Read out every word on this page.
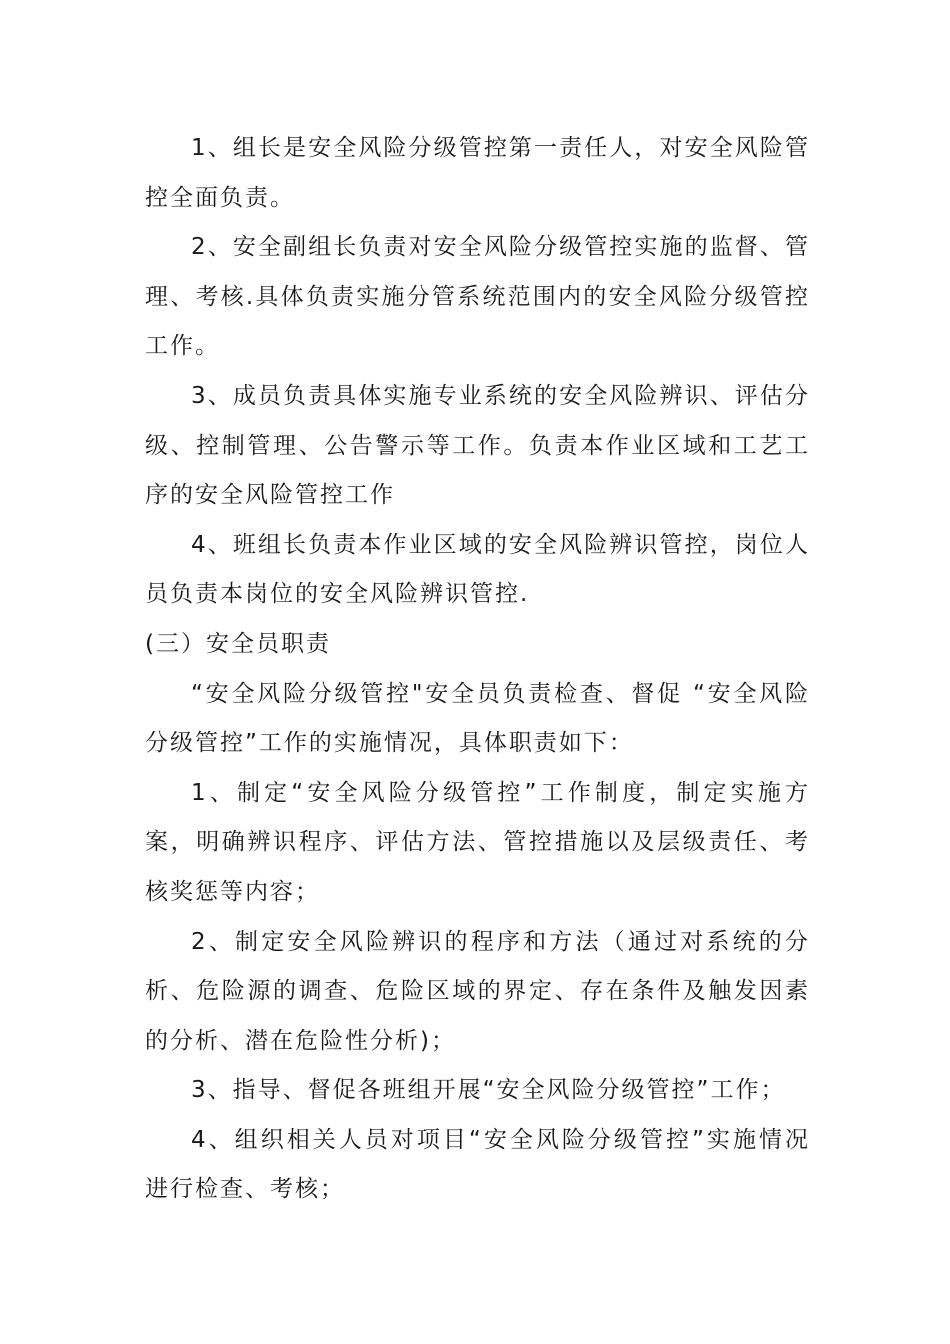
1、组长是安全风险分级管控第一责任人，对安全风险管控全面负责。

2、安全副组长负责对安全风险分级管控实施的监督、管理、考核.具体负责实施分管系统范围内的安全风险分级管控工作。

3、成员负责具体实施专业系统的安全风险辨识、评估分级、控制管理、公告警示等工作。负责本作业区域和工艺工序的安全风险管控工作

4、班组长负责本作业区域的安全风险辨识管控，岗位人员负责本岗位的安全风险辨识管控.

(三）安全员职责

“安全风险分级管控"安全员负责检查、督促 “安全风险分级管控”工作的实施情况，具体职责如下：

1、制定“安全风险分级管控”工作制度，制定实施方案，明确辨识程序、评估方法、管控措施以及层级责任、考核奖惩等内容；

2、制定安全风险辨识的程序和方法（通过对系统的分析、危险源的调查、危险区域的界定、存在条件及触发因素的分析、潜在危险性分析)；

3、指导、督促各班组开展“安全风险分级管控”工作；

4、组织相关人员对项目“安全风险分级管控”实施情况进行检查、考核；
